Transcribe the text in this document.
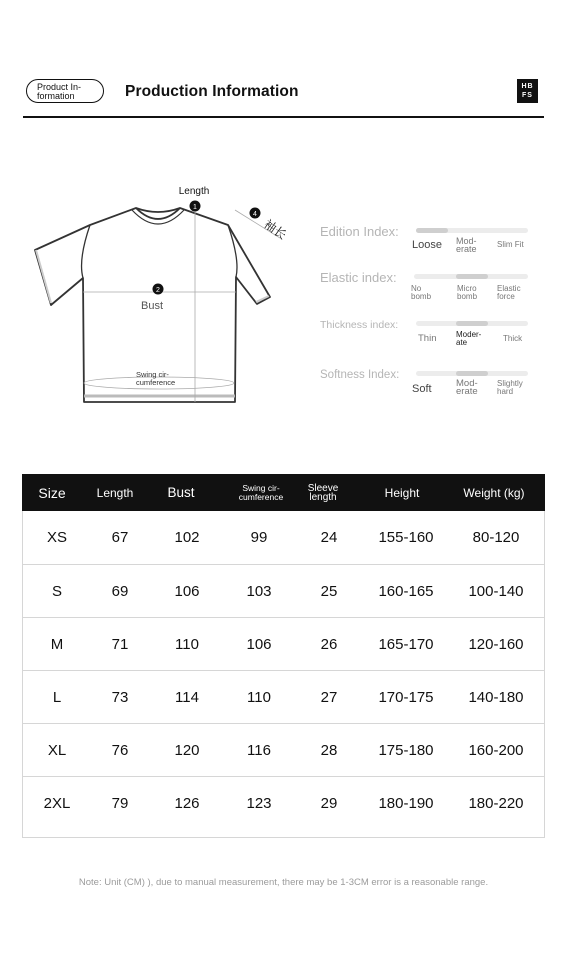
Product In-
formation	Production Information	HB
FS
1
2
4
Length
Bust
Swing cir-
cumference
袖长 Edition Index:
Loose Mod-
erate	Slim Fit
Elastic index:
No
bomb
Micro
bomb
Elastic
force
Thickness index:
Thin Moder-
ate	Thick
Softness Index:
Soft	Mod-
erate
Slightly
hard
Size	Length	Bust	Swing cir-
cumference
Sleeve
length	Height	Weight (kg)
XS	67	102	99	24	155-160	80-120
S	69	106	103	25	160-165	100-140
M	71	110	106	26	165-170	120-160
L	73	114	110	27	170-175	140-180
XL	76	120	116	28	175-180	160-200
2XL	79	126	123	29	180-190	180-220
Note: Unit (CM) ), due to manual measurement, there may be 1-3CM error is a reasonable range.
